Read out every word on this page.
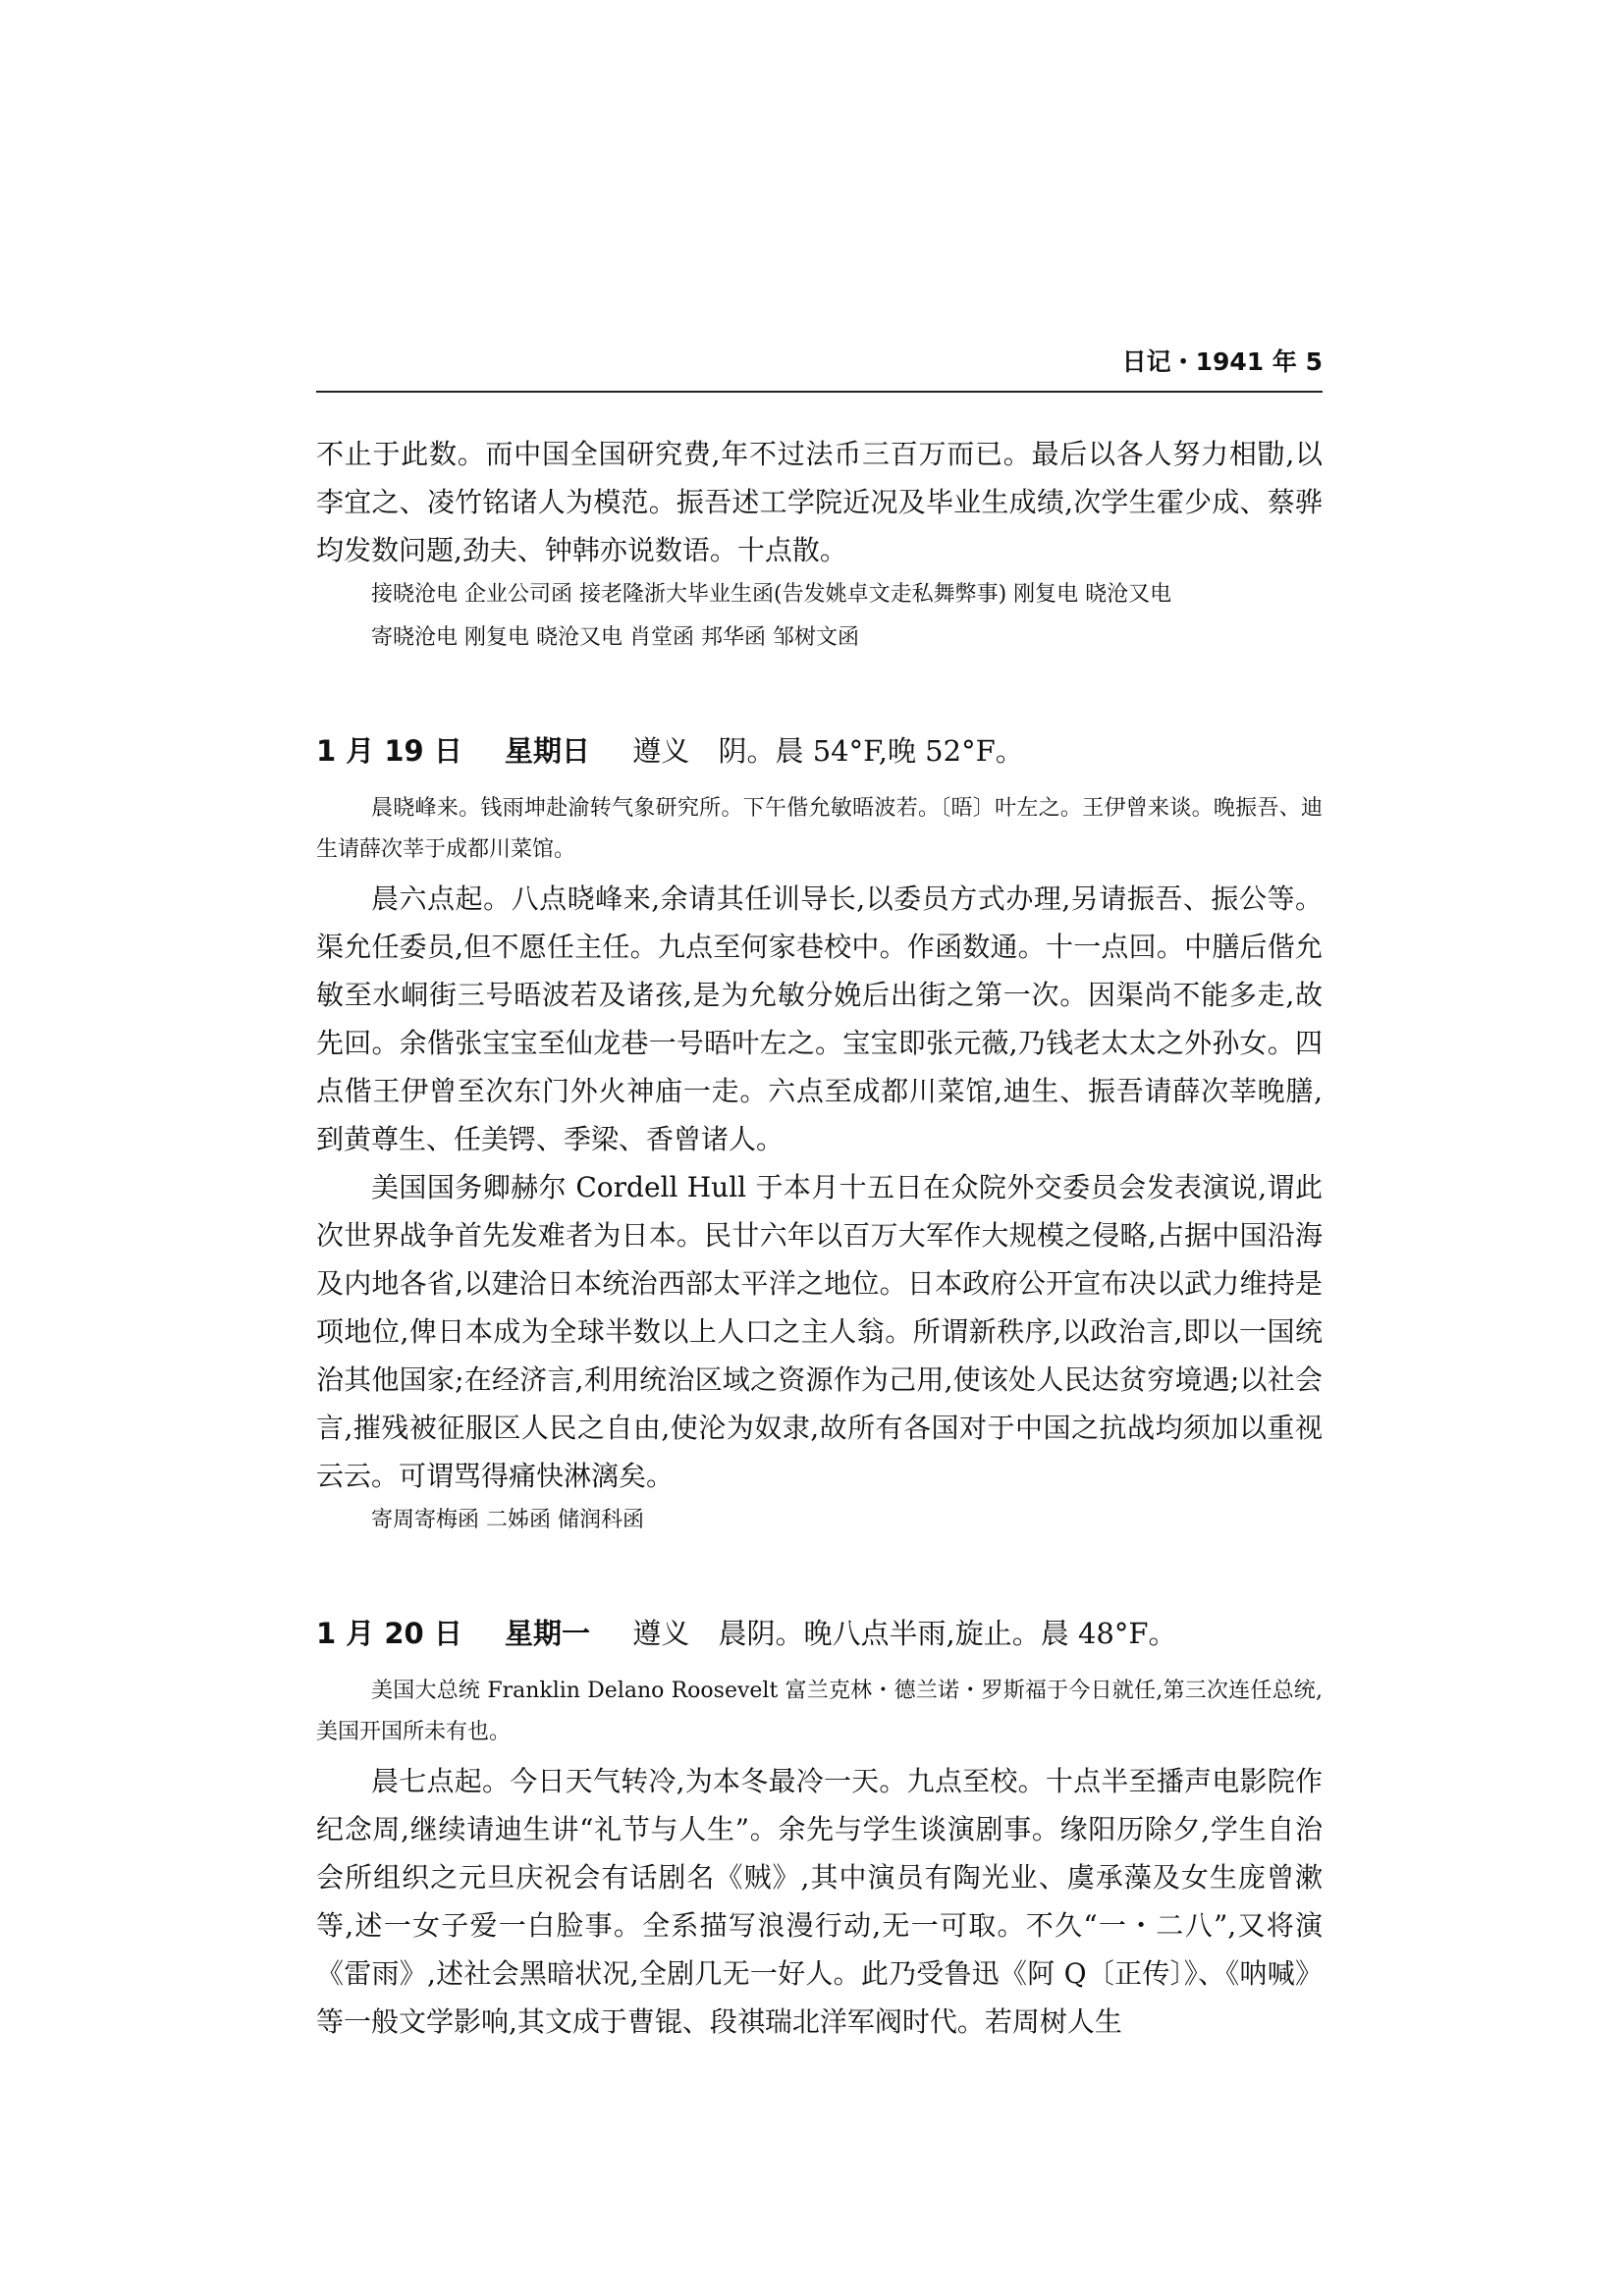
日记・1941 年 5

不止于此数。而中国全国研究费,年不过法币三百万而已。最后以各人努力相勖,以李宜之、凌竹铭诸人为模范。振吾述工学院近况及毕业生成绩,次学生霍少成、蔡骅均发数问题,劲夫、钟韩亦说数语。十点散。

接晓沧电 企业公司函 接老隆浙大毕业生函(告发姚卓文走私舞弊事) 刚复电 晓沧又电

寄晓沧电 刚复电 晓沧又电 肖堂函 邦华函 邹树文函

1 月 19 日 星期日 遵义 阴。晨 54°F,晚 52°F。

晨晓峰来。钱雨坤赴渝转气象研究所。下午偕允敏晤波若。〔晤〕叶左之。王伊曾来谈。晚振吾、迪生请薛次莘于成都川菜馆。

晨六点起。八点晓峰来,余请其任训导长,以委员方式办理,另请振吾、振公等。渠允任委员,但不愿任主任。九点至何家巷校中。作函数通。十一点回。中膳后偕允敏至水峒街三号晤波若及诸孩,是为允敏分娩后出街之第一次。因渠尚不能多走,故先回。余偕张宝宝至仙龙巷一号晤叶左之。宝宝即张元薇,乃钱老太太之外孙女。四点偕王伊曾至次东门外火神庙一走。六点至成都川菜馆,迪生、振吾请薛次莘晚膳,到黄尊生、任美锷、季梁、香曾诸人。

美国国务卿赫尔 Cordell Hull 于本月十五日在众院外交委员会发表演说,谓此次世界战争首先发难者为日本。民廿六年以百万大军作大规模之侵略,占据中国沿海及内地各省,以建洽日本统治西部太平洋之地位。日本政府公开宣布决以武力维持是项地位,俾日本成为全球半数以上人口之主人翁。所谓新秩序,以政治言,即以一国统治其他国家;在经济言,利用统治区域之资源作为己用,使该处人民达贫穷境遇;以社会言,摧残被征服区人民之自由,使沦为奴隶,故所有各国对于中国之抗战均须加以重视云云。可谓骂得痛快淋漓矣。

寄周寄梅函 二姊函 储润科函

1 月 20 日 星期一 遵义 晨阴。晚八点半雨,旋止。晨 48°F。

美国大总统 Franklin Delano Roosevelt 富兰克林・德兰诺・罗斯福于今日就任,第三次连任总统,美国开国所未有也。

晨七点起。今日天气转冷,为本冬最冷一天。九点至校。十点半至播声电影院作纪念周,继续请迪生讲“礼节与人生”。余先与学生谈演剧事。缘阳历除夕,学生自治会所组织之元旦庆祝会有话剧名《贼》,其中演员有陶光业、虞承藻及女生庞曾漱等,述一女子爱一白脸事。全系描写浪漫行动,无一可取。不久“一・二八”,又将演《雷雨》,述社会黑暗状况,全剧几无一好人。此乃受鲁迅《阿 Q〔正传〕》、《呐喊》等一般文学影响,其文成于曹锟、段祺瑞北洋军阀时代。若周树人生
